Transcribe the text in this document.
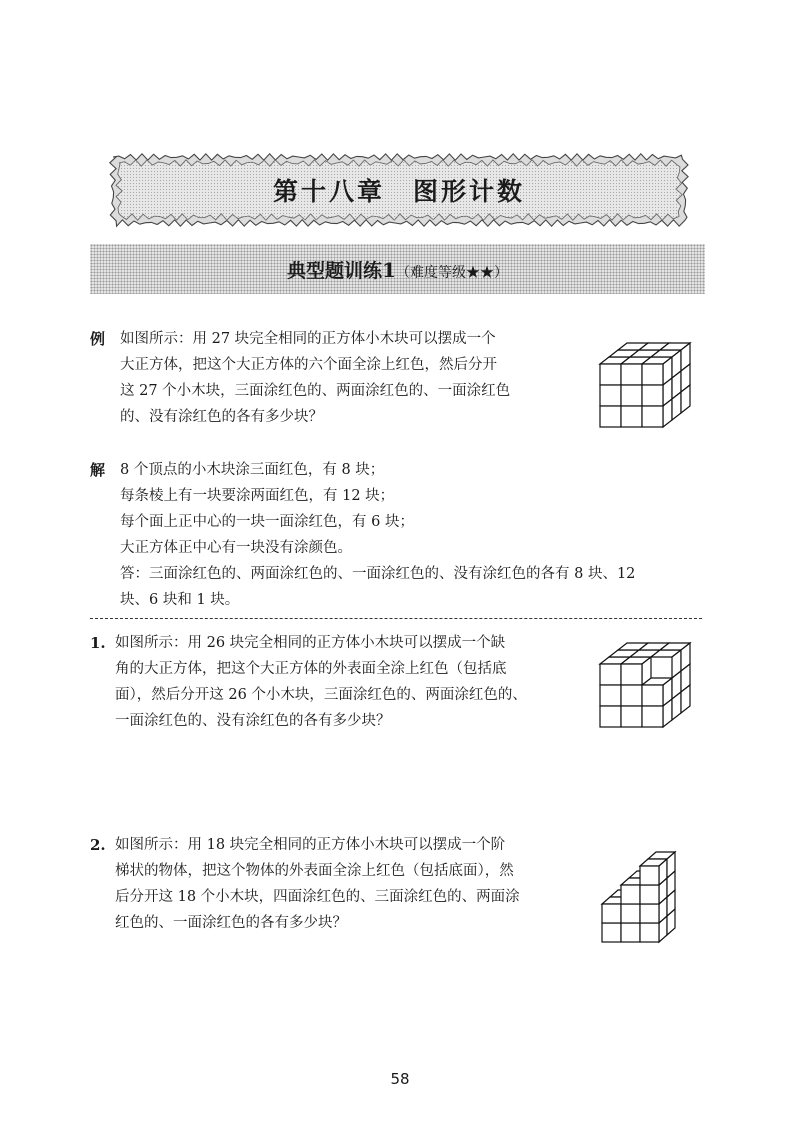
第十八章 图形计数
典型题训练1（难度等级★★）
例 如图所示：用 27 块完全相同的正方体小木块可以摆成一个
大正方体，把这个大正方体的六个面全涂上红色，然后分开
这 27 个小木块，三面涂红色的、两面涂红色的、一面涂红色
的、没有涂红色的各有多少块？
解 8 个顶点的小木块涂三面红色，有 8 块；
每条棱上有一块要涂两面红色，有 12 块；
每个面上正中心的一块一面涂红色，有 6 块；
大正方体正中心有一块没有涂颜色。
答：三面涂红色的、两面涂红色的、一面涂红色的、没有涂红色的各有 8 块、12
块、6 块和 1 块。
1. 如图所示：用 26 块完全相同的正方体小木块可以摆成一个缺
角的大正方体，把这个大正方体的外表面全涂上红色（包括底
面），然后分开这 26 个小木块，三面涂红色的、两面涂红色的、
一面涂红色的、没有涂红色的各有多少块？
2. 如图所示：用 18 块完全相同的正方体小木块可以摆成一个阶
梯状的物体，把这个物体的外表面全涂上红色（包括底面），然
后分开这 18 个小木块，四面涂红色的、三面涂红色的、两面涂
红色的、一面涂红色的各有多少块？
58
